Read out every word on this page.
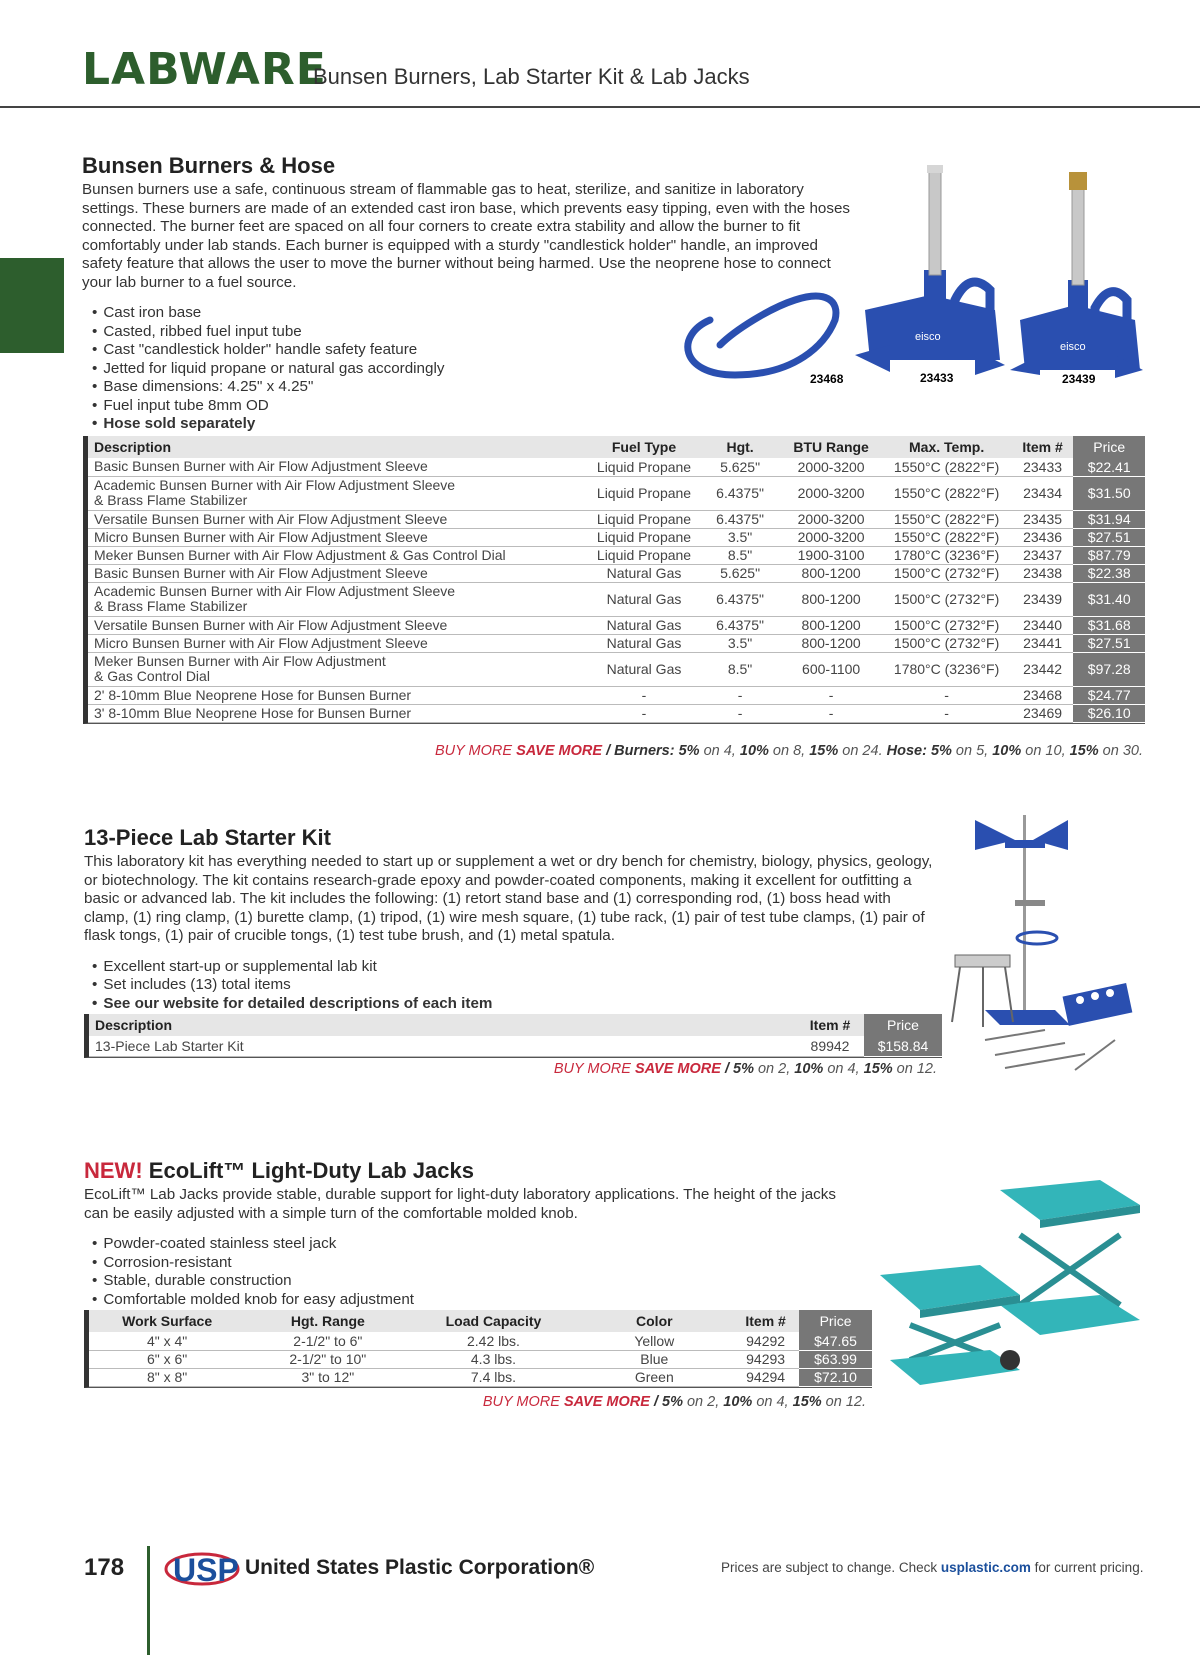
LABWARE
Bunsen Burners, Lab Starter Kit & Lab Jacks
Bunsen Burners & Hose
Bunsen burners use a safe, continuous stream of flammable gas to heat, sterilize, and sanitize in laboratory settings. These burners are made of an extended cast iron base, which prevents easy tipping, even with the hoses connected. The burner feet are spaced on all four corners to create extra stability and allow the burner to fit comfortably under lab stands. Each burner is equipped with a sturdy "candlestick holder" handle, an improved safety feature that allows the user to move the burner without being harmed. Use the neoprene hose to connect your lab burner to a fuel source.
• Cast iron base
• Casted, ribbed fuel input tube
• Cast "candlestick holder" handle safety feature
• Jetted for liquid propane or natural gas accordingly
• Base dimensions: 4.25" x 4.25"
• Fuel input tube 8mm OD
• Hose sold separately
eisco
eisco
23468	23433	23439
Description	Fuel Type	Hgt.	BTU Range	Max. Temp.	Item #	Price

Basic Bunsen Burner with Air Flow Adjustment Sleeve	Liquid Propane	5.625"	2000-3200	1550°C (2822°F)	23433	$22.41

Academic Bunsen Burner with Air Flow Adjustment Sleeve
& Brass Flame Stabilizer	Liquid Propane	6.4375"	2000-3200	1550°C (2822°F)	23434	$31.50

Versatile Bunsen Burner with Air Flow Adjustment Sleeve	Liquid Propane	6.4375"	2000-3200	1550°C (2822°F)	23435	$31.94

Micro Bunsen Burner with Air Flow Adjustment Sleeve	Liquid Propane	3.5"	2000-3200	1550°C (2822°F)	23436	$27.51

Meker Bunsen Burner with Air Flow Adjustment & Gas Control Dial	Liquid Propane	8.5"	1900-3100	1780°C (3236°F)	23437	$87.79

Basic Bunsen Burner with Air Flow Adjustment Sleeve	Natural Gas	5.625"	800-1200	1500°C (2732°F)	23438	$22.38

Academic Bunsen Burner with Air Flow Adjustment Sleeve
& Brass Flame Stabilizer	Natural Gas	6.4375"	800-1200	1500°C (2732°F)	23439	$31.40

Versatile Bunsen Burner with Air Flow Adjustment Sleeve	Natural Gas	6.4375"	800-1200	1500°C (2732°F)	23440	$31.68

Micro Bunsen Burner with Air Flow Adjustment Sleeve	Natural Gas	3.5"	800-1200	1500°C (2732°F)	23441	$27.51

Meker Bunsen Burner with Air Flow Adjustment
& Gas Control Dial	Natural Gas	8.5"	600-1100	1780°C (3236°F)	23442	$97.28

2' 8-10mm Blue Neoprene Hose for Bunsen Burner	-	-	-	-	23468	$24.77

3' 8-10mm Blue Neoprene Hose for Bunsen Burner	-	-	-	-	23469	$26.10
BUY MORE SAVE MORE / Burners: 5% on 4, 10% on 8, 15% on 24. Hose: 5% on 5, 10% on 10, 15% on 30.
13-Piece Lab Starter Kit
This laboratory kit has everything needed to start up or supplement a wet or dry bench for chemistry, biology, physics, geology, or biotechnology. The kit contains research-grade epoxy and powder-coated components, making it excellent for outfitting a basic or advanced lab. The kit includes the following: (1) retort stand base and (1) corresponding rod, (1) boss head with clamp, (1) ring clamp, (1) burette clamp, (1) tripod, (1) wire mesh square, (1) tube rack, (1) pair of test tube clamps, (1) pair of flask tongs, (1) pair of crucible tongs, (1) test tube brush, and (1) metal spatula.
• Excellent start-up or supplemental lab kit
• Set includes (13) total items
• See our website for detailed descriptions of each item
Description	Item #	Price
13-Piece Lab Starter Kit	89942	$158.84
BUY MORE SAVE MORE / 5% on 2, 10% on 4, 15% on 12.
NEW! EcoLift™ Light-Duty Lab Jacks
EcoLift™ Lab Jacks provide stable, durable support for light-duty laboratory applications. The height of the jacks can be easily adjusted with a simple turn of the comfortable molded knob.
• Powder-coated stainless steel jack
• Corrosion-resistant
• Stable, durable construction
• Comfortable molded knob for easy adjustment
Work Surface	Hgt. Range	Load Capacity	Color	Item #	Price
4" x 4"	2-1/2" to 6"	2.42 lbs.	Yellow	94292	$47.65
6" x 6"	2-1/2" to 10"	4.3 lbs.	Blue	94293	$63.99
8" x 8"	3" to 12"	7.4 lbs.	Green	94294	$72.10
BUY MORE SAVE MORE / 5% on 2, 10% on 4, 15% on 12.
178 USP United States Plastic Corporation®	Prices are subject to change. Check usplastic.com for current pricing.
